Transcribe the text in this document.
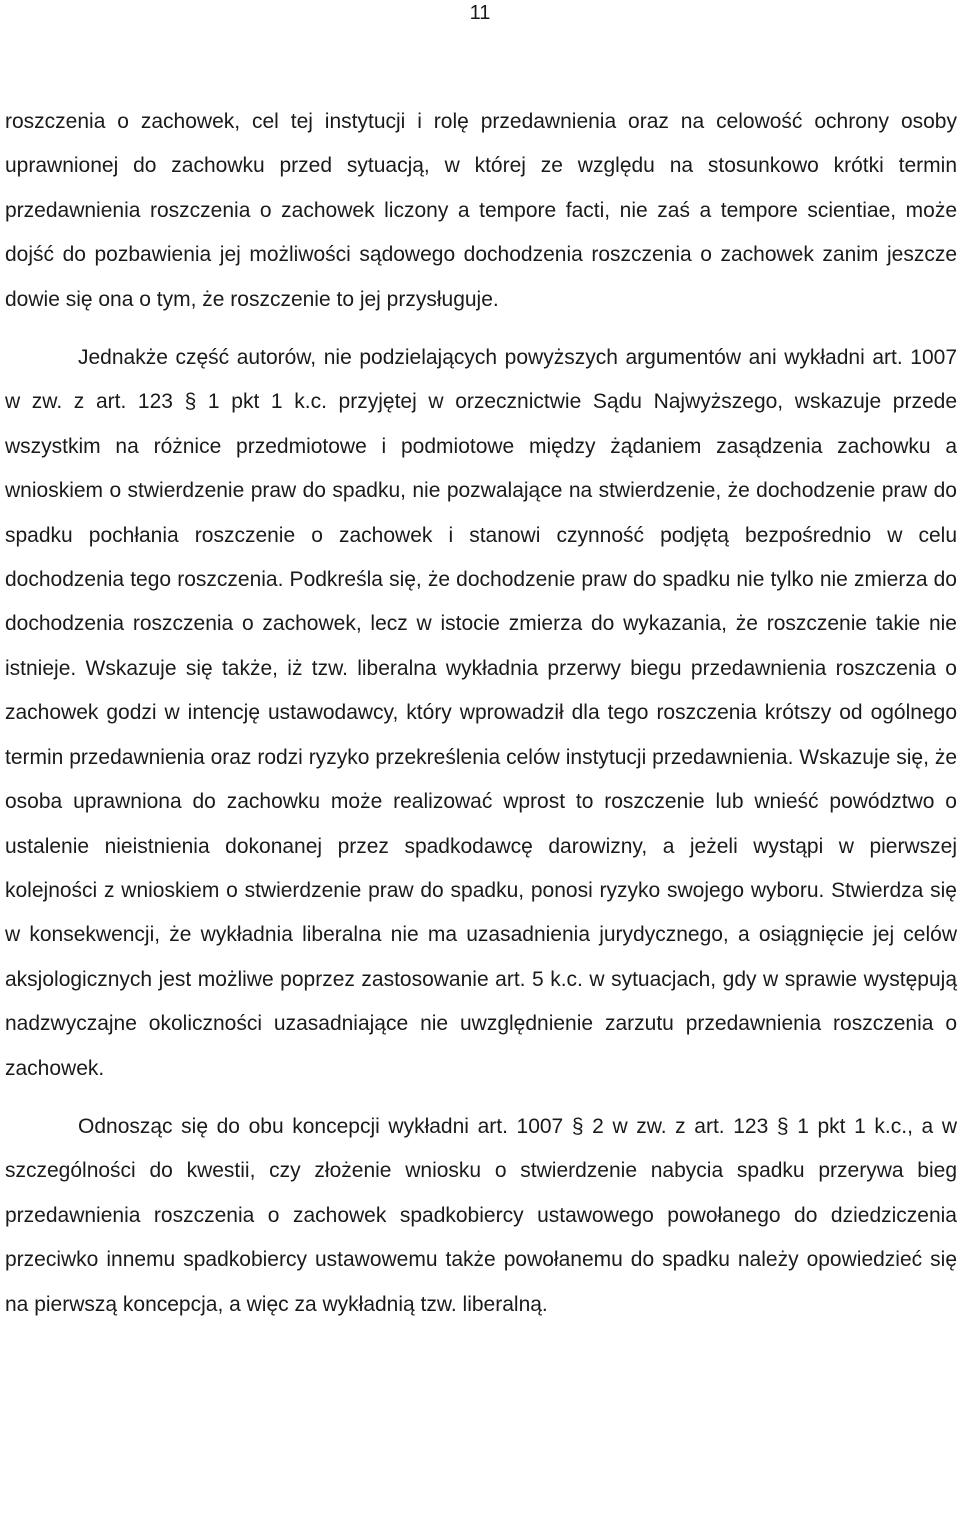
11

roszczenia o zachowek, cel tej instytucji i rolę przedawnienia oraz na celowość ochrony osoby uprawnionej do zachowku przed sytuacją, w której ze względu na stosunkowo krótki termin przedawnienia roszczenia o zachowek liczony a tempore facti, nie zaś a tempore scientiae, może dojść do pozbawienia jej możliwości sądowego dochodzenia roszczenia o zachowek zanim jeszcze dowie się ona o tym, że roszczenie to jej przysługuje.

Jednakże część autorów, nie podzielających powyższych argumentów ani wykładni art. 1007 w zw. z art. 123 § 1 pkt 1 k.c. przyjętej w orzecznictwie Sądu Najwyższego, wskazuje przede wszystkim na różnice przedmiotowe i podmiotowe między żądaniem zasądzenia zachowku a wnioskiem o stwierdzenie praw do spadku, nie pozwalające na stwierdzenie, że dochodzenie praw do spadku pochłania roszczenie o zachowek i stanowi czynność podjętą bezpośrednio w celu dochodzenia tego roszczenia. Podkreśla się, że dochodzenie praw do spadku nie tylko nie zmierza do dochodzenia roszczenia o zachowek, lecz w istocie zmierza do wykazania, że roszczenie takie nie istnieje. Wskazuje się także, iż tzw. liberalna wykładnia przerwy biegu przedawnienia roszczenia o zachowek godzi w intencję ustawodawcy, który wprowadził dla tego roszczenia krótszy od ogólnego termin przedawnienia oraz rodzi ryzyko przekreślenia celów instytucji przedawnienia. Wskazuje się, że osoba uprawniona do zachowku może realizować wprost to roszczenie lub wnieść powództwo o ustalenie nieistnienia dokonanej przez spadkodawcę darowizny, a jeżeli wystąpi w pierwszej kolejności z wnioskiem o stwierdzenie praw do spadku, ponosi ryzyko swojego wyboru. Stwierdza się w konsekwencji, że wykładnia liberalna nie ma uzasadnienia jurydycznego, a osiągnięcie jej celów aksjologicznych jest możliwe poprzez zastosowanie art. 5 k.c. w sytuacjach, gdy w sprawie występują nadzwyczajne okoliczności uzasadniające nie uwzględnienie zarzutu przedawnienia roszczenia o zachowek.

Odnosząc się do obu koncepcji wykładni art. 1007 § 2 w zw. z art. 123 § 1 pkt 1 k.c., a w szczególności do kwestii, czy złożenie wniosku o stwierdzenie nabycia spadku przerywa bieg przedawnienia roszczenia o zachowek spadkobiercy ustawowego powołanego do dziedziczenia przeciwko innemu spadkobiercy ustawowemu także powołanemu do spadku należy opowiedzieć się na pierwszą koncepcja, a więc za wykładnią tzw. liberalną.
